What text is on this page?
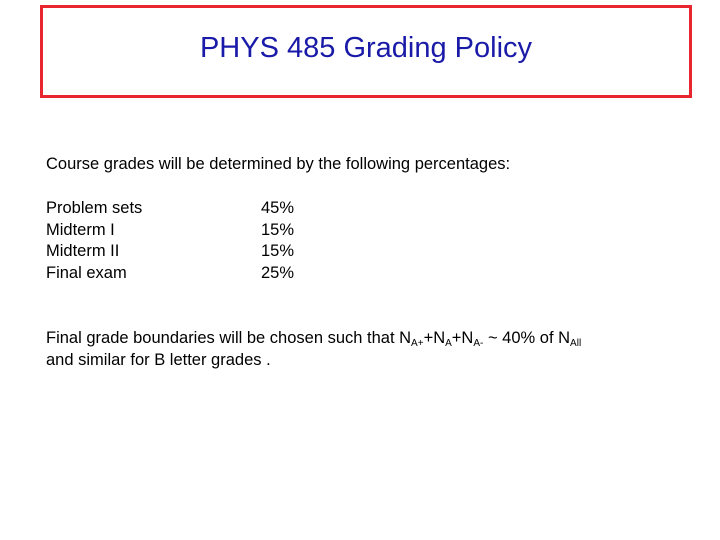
PHYS 485 Grading Policy
Course grades will be determined by the following percentages:
Problem sets	45%
Midterm I	15%
Midterm II	15%
Final exam	25%
Final grade boundaries will be chosen such that $N_{A+}+N_A+N_{A-}$ ~ 40% of $N_{All}$
and similar for B letter grades .
